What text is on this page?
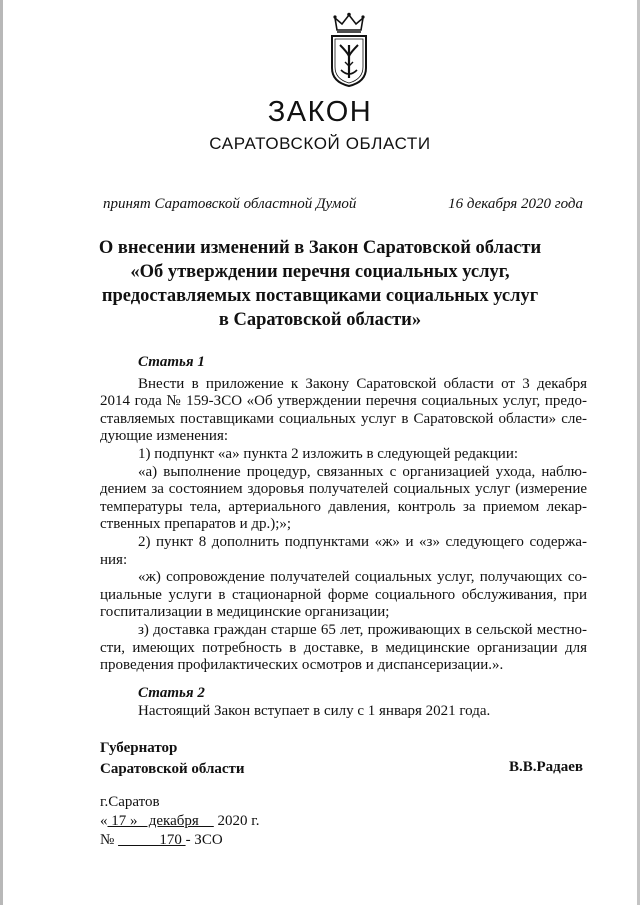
ЗАКОН
САРАТОВСКОЙ ОБЛАСТИ
принят Саратовской областной Думой	16 декабря 2020 года
О внесении изменений в Закон Саратовской области
«Об утверждении перечня социальных услуг,
предоставляемых поставщиками социальных услуг
в Саратовской области»

Статья 1

Внести в приложение к Закону Саратовской области от 3 декабря
2014 года № 159-ЗСО «Об утверждении перечня социальных услуг, предо-
ставляемых поставщиками социальных услуг в Саратовской области» сле-
дующие изменения:

1) подпункт «а» пункта 2 изложить в следующей редакции:

«а) выполнение процедур, связанных с организацией ухода, наблю-
дением за состоянием здоровья получателей социальных услуг (измерение
температуры тела, артериального давления, контроль за приемом лекар-
ственных препаратов и др.);»;

2) пункт 8 дополнить подпунктами «ж» и «з» следующего содержа-
ния:

«ж) сопровождение получателей социальных услуг, получающих со-
циальные услуги в стационарной форме социального обслуживания, при
госпитализации в медицинские организации;

з) доставка граждан старше 65 лет, проживающих в сельской местно-
сти, имеющих потребность в доставке, в медицинские организации для
проведения профилактических осмотров и диспансеризации.».

Статья 2

Настоящий Закон вступает в силу с 1 января 2021 года.

Губернатор
Саратовской области	В.В.Радаев
г.Саратов
« 17 »   декабря     2020 г.
№            170 - ЗСО
